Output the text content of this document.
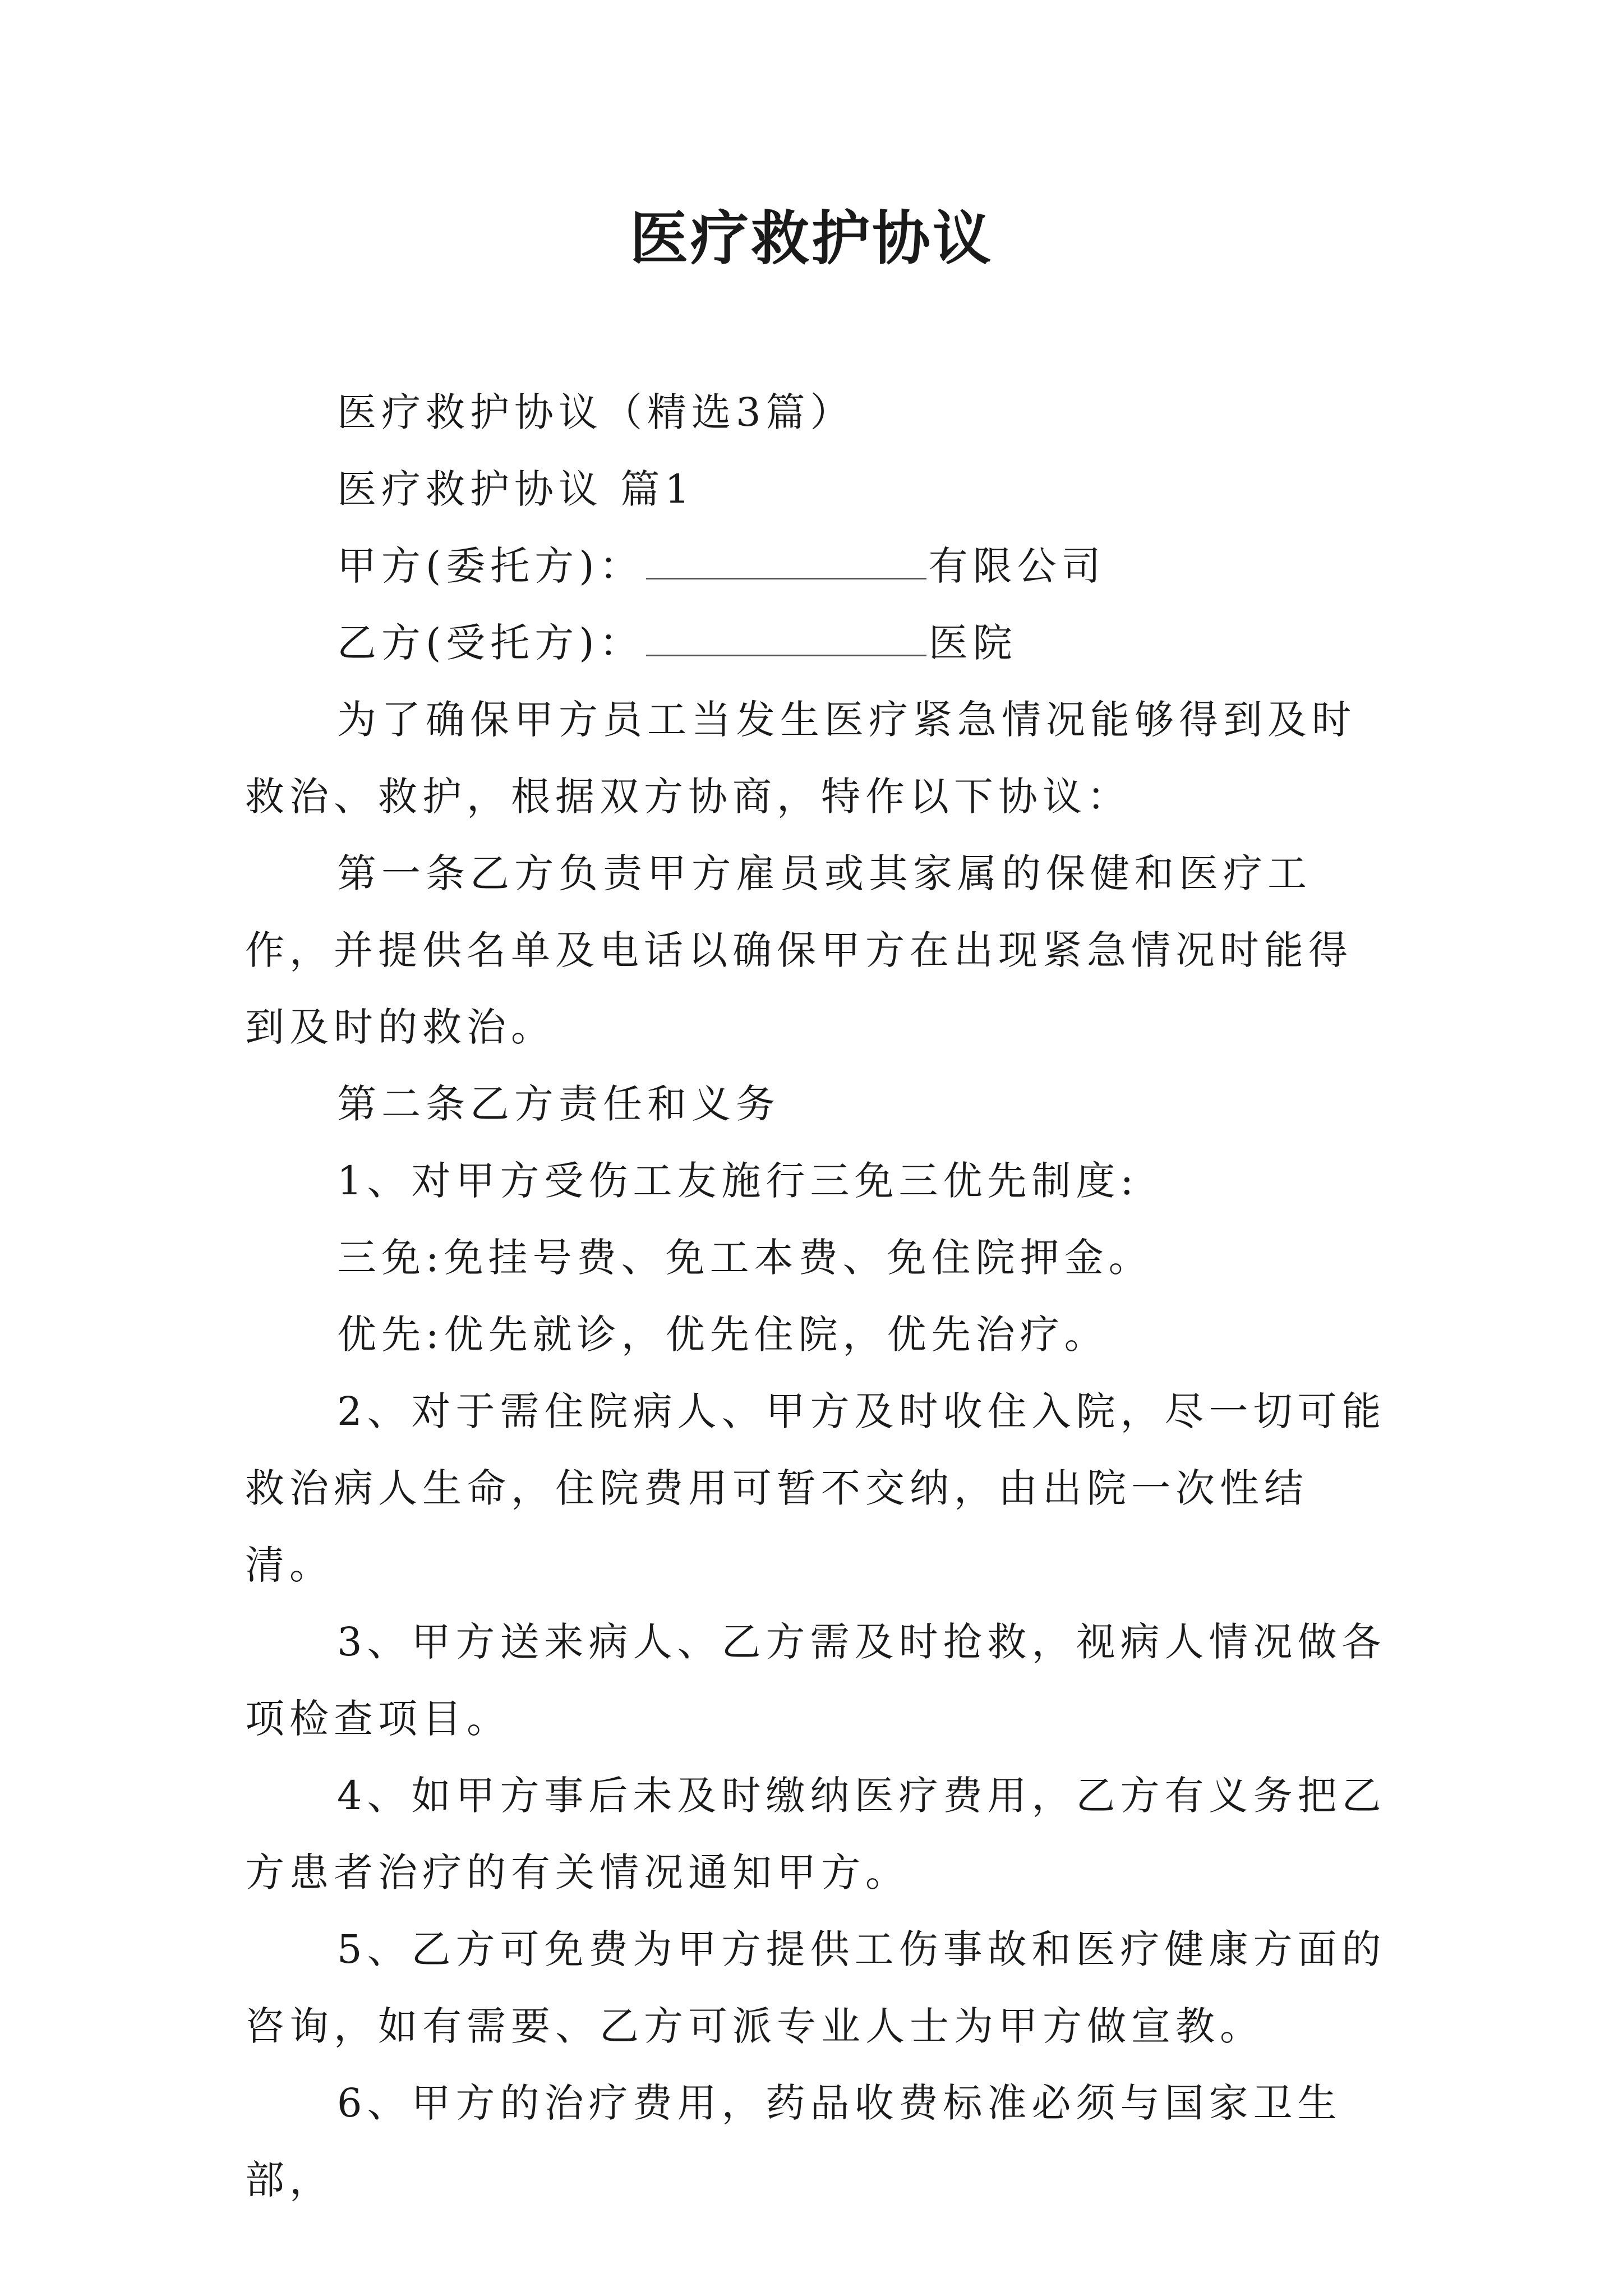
医疗救护协议

医疗救护协议（精选3篇）

医疗救护协议 篇1

甲方(委托方)：	有限公司

乙方(受托方)：	医院

为了确保甲方员工当发生医疗紧急情况能够得到及时救治、救护，根据双方协商，特作以下协议：

第一条乙方负责甲方雇员或其家属的保健和医疗工作，并提供名单及电话以确保甲方在出现紧急情况时能得到及时的救治。

第二条乙方责任和义务

1、对甲方受伤工友施行三免三优先制度:

三免:免挂号费、免工本费、免住院押金。

优先:优先就诊，优先住院，优先治疗。

2、对于需住院病人、甲方及时收住入院，尽一切可能救治病人生命，住院费用可暂不交纳，由出院一次性结清。

3、甲方送来病人、乙方需及时抢救，视病人情况做各项检查项目。

4、如甲方事后未及时缴纳医疗费用，乙方有义务把乙方患者治疗的有关情况通知甲方。

5、乙方可免费为甲方提供工伤事故和医疗健康方面的咨询，如有需要、乙方可派专业人士为甲方做宣教。

6、甲方的治疗费用，药品收费标准必须与国家卫生部，
